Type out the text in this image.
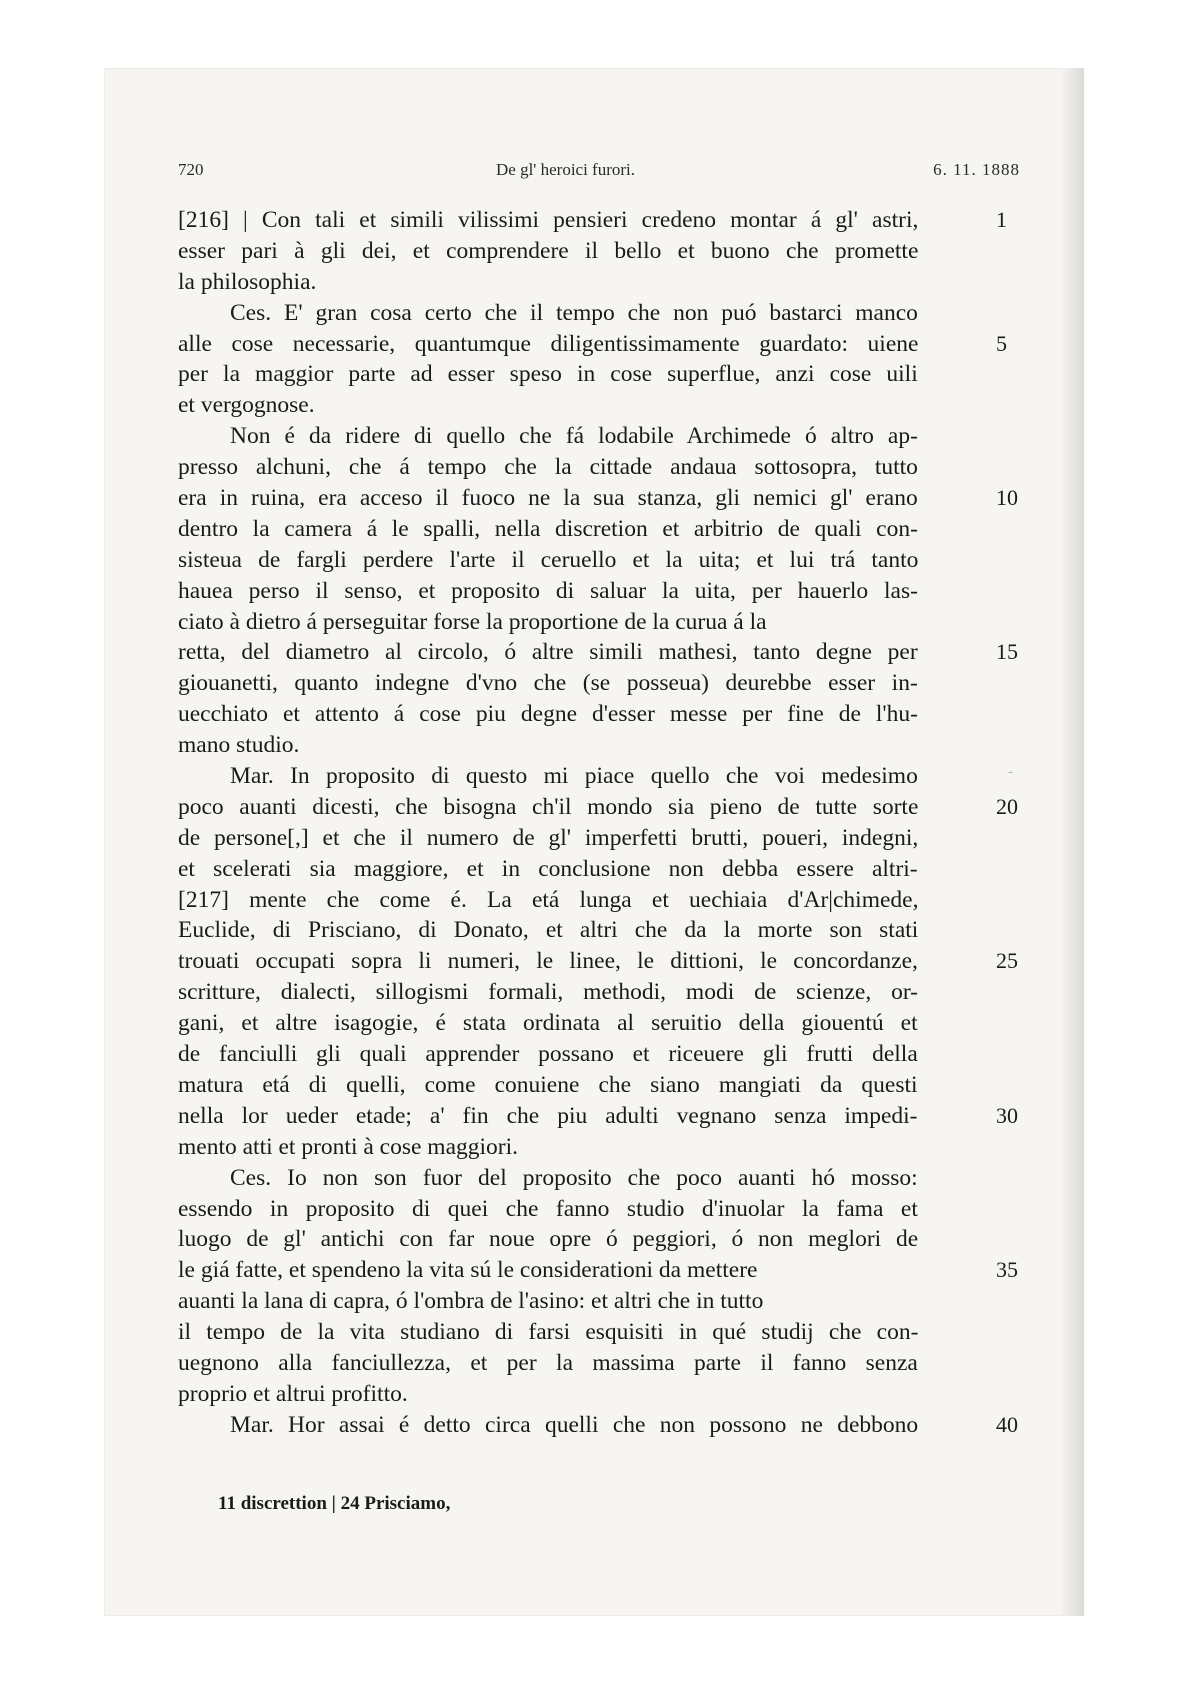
720	De gl' heroici furori.	6. 11. 1888
[216] | Con tali et simili vilissimi pensieri credeno montar á gl' astri,	1
esser pari à gli dei, et comprendere il bello et buono che promette
la philosophia.
Ces. E' gran cosa certo che il tempo che non puó bastarci manco
alle cose necessarie, quantumque diligentissimamente guardato: uiene	5
per la maggior parte ad esser speso in cose superflue, anzi cose uili
et vergognose.
Non é da ridere di quello che fá lodabile Archimede ó altro ap-
presso alchuni, che á tempo che la cittade andaua sottosopra, tutto
era in ruina, era acceso il fuoco ne la sua stanza, gli nemici gl' erano	10
dentro la camera á le spalli, nella discretion et arbitrio de quali con-
sisteua de fargli perdere l'arte il ceruello et la uita; et lui trá tanto
hauea perso il senso, et proposito di saluar la uita, per hauerlo las-
ciato à dietro á perseguitar forse la proportione de la curua á la
retta, del diametro al circolo, ó altre simili mathesi, tanto degne per	15
giouanetti, quanto indegne d'vno che (se posseua) deurebbe esser in-
uecchiato et attento á cose piu degne d'esser messe per fine de l'hu-
mano studio.
Mar. In proposito di questo mi piace quello che voi medesimo	-
poco auanti dicesti, che bisogna ch'il mondo sia pieno de tutte sorte	20
de persone[,] et che il numero de gl' imperfetti brutti, poueri, indegni,
et scelerati sia maggiore, et in conclusione non debba essere altri-
[217] mente che come é. La etá lunga et uechiaia d'Ar|chimede,
Euclide, di Prisciano, di Donato, et altri che da la morte son stati
trouati occupati sopra li numeri, le linee, le dittioni, le concordanze,	25
scritture, dialecti, sillogismi formali, methodi, modi de scienze, or-
gani, et altre isagogie, é stata ordinata al seruitio della giouentú et
de fanciulli gli quali apprender possano et riceuere gli frutti della
matura etá di quelli, come conuiene che siano mangiati da questi
nella lor ueder etade; a' fin che piu adulti vegnano senza impedi-	30
mento atti et pronti à cose maggiori.
Ces. Io non son fuor del proposito che poco auanti hó mosso:
essendo in proposito di quei che fanno studio d'inuolar la fama et
luogo de gl' antichi con far noue opre ó peggiori, ó non meglori de
le giá fatte, et spendeno la vita sú le considerationi da mettere	35
auanti la lana di capra, ó l'ombra de l'asino: et altri che in tutto
il tempo de la vita studiano di farsi esquisiti in qué studij che con-
uegnono alla fanciullezza, et per la massima parte il fanno senza
proprio et altrui profitto.
Mar. Hor assai é detto circa quelli che non possono ne debbono	40
11 discrettion | 24 Prisciamo,
